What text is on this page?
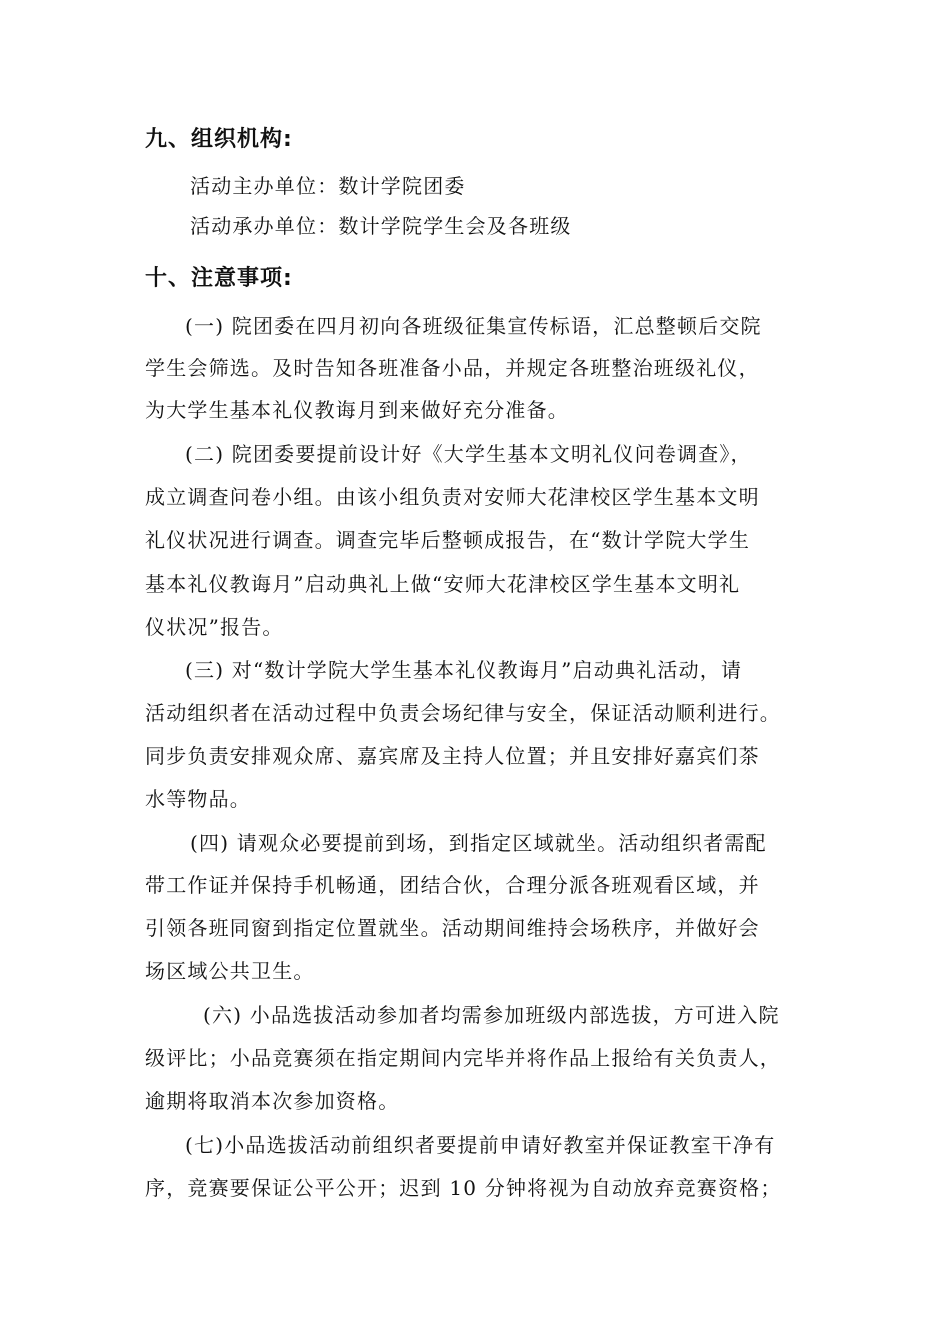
九、组织机构:
活动主办单位：数计学院团委
活动承办单位：数计学院学生会及各班级
十、注意事项:
(一) 院团委在四月初向各班级征集宣传标语，汇总整顿后交院
学生会筛选。及时告知各班准备小品，并规定各班整治班级礼仪，
为大学生基本礼仪教诲月到来做好充分准备。
(二) 院团委要提前设计好《大学生基本文明礼仪问卷调查》，
成立调查问卷小组。由该小组负责对安师大花津校区学生基本文明
礼仪状况进行调查。调查完毕后整顿成报告，在“数计学院大学生
基本礼仪教诲月”启动典礼上做“安师大花津校区学生基本文明礼
仪状况”报告。
(三) 对“数计学院大学生基本礼仪教诲月”启动典礼活动，请
活动组织者在活动过程中负责会场纪律与安全，保证活动顺利进行。
同步负责安排观众席、嘉宾席及主持人位置；并且安排好嘉宾们茶
水等物品。
(四) 请观众必要提前到场，到指定区域就坐。活动组织者需配
带工作证并保持手机畅通，团结合伙，合理分派各班观看区域，并
引领各班同窗到指定位置就坐。活动期间维持会场秩序，并做好会
场区域公共卫生。
(六) 小品选拔活动参加者均需参加班级内部选拔，方可进入院
级评比；小品竞赛须在指定期间内完毕并将作品上报给有关负责人，
逾期将取消本次参加资格。
(七)小品选拔活动前组织者要提前申请好教室并保证教室干净有
序，竞赛要保证公平公开；迟到 10 分钟将视为自动放弃竞赛资格；
